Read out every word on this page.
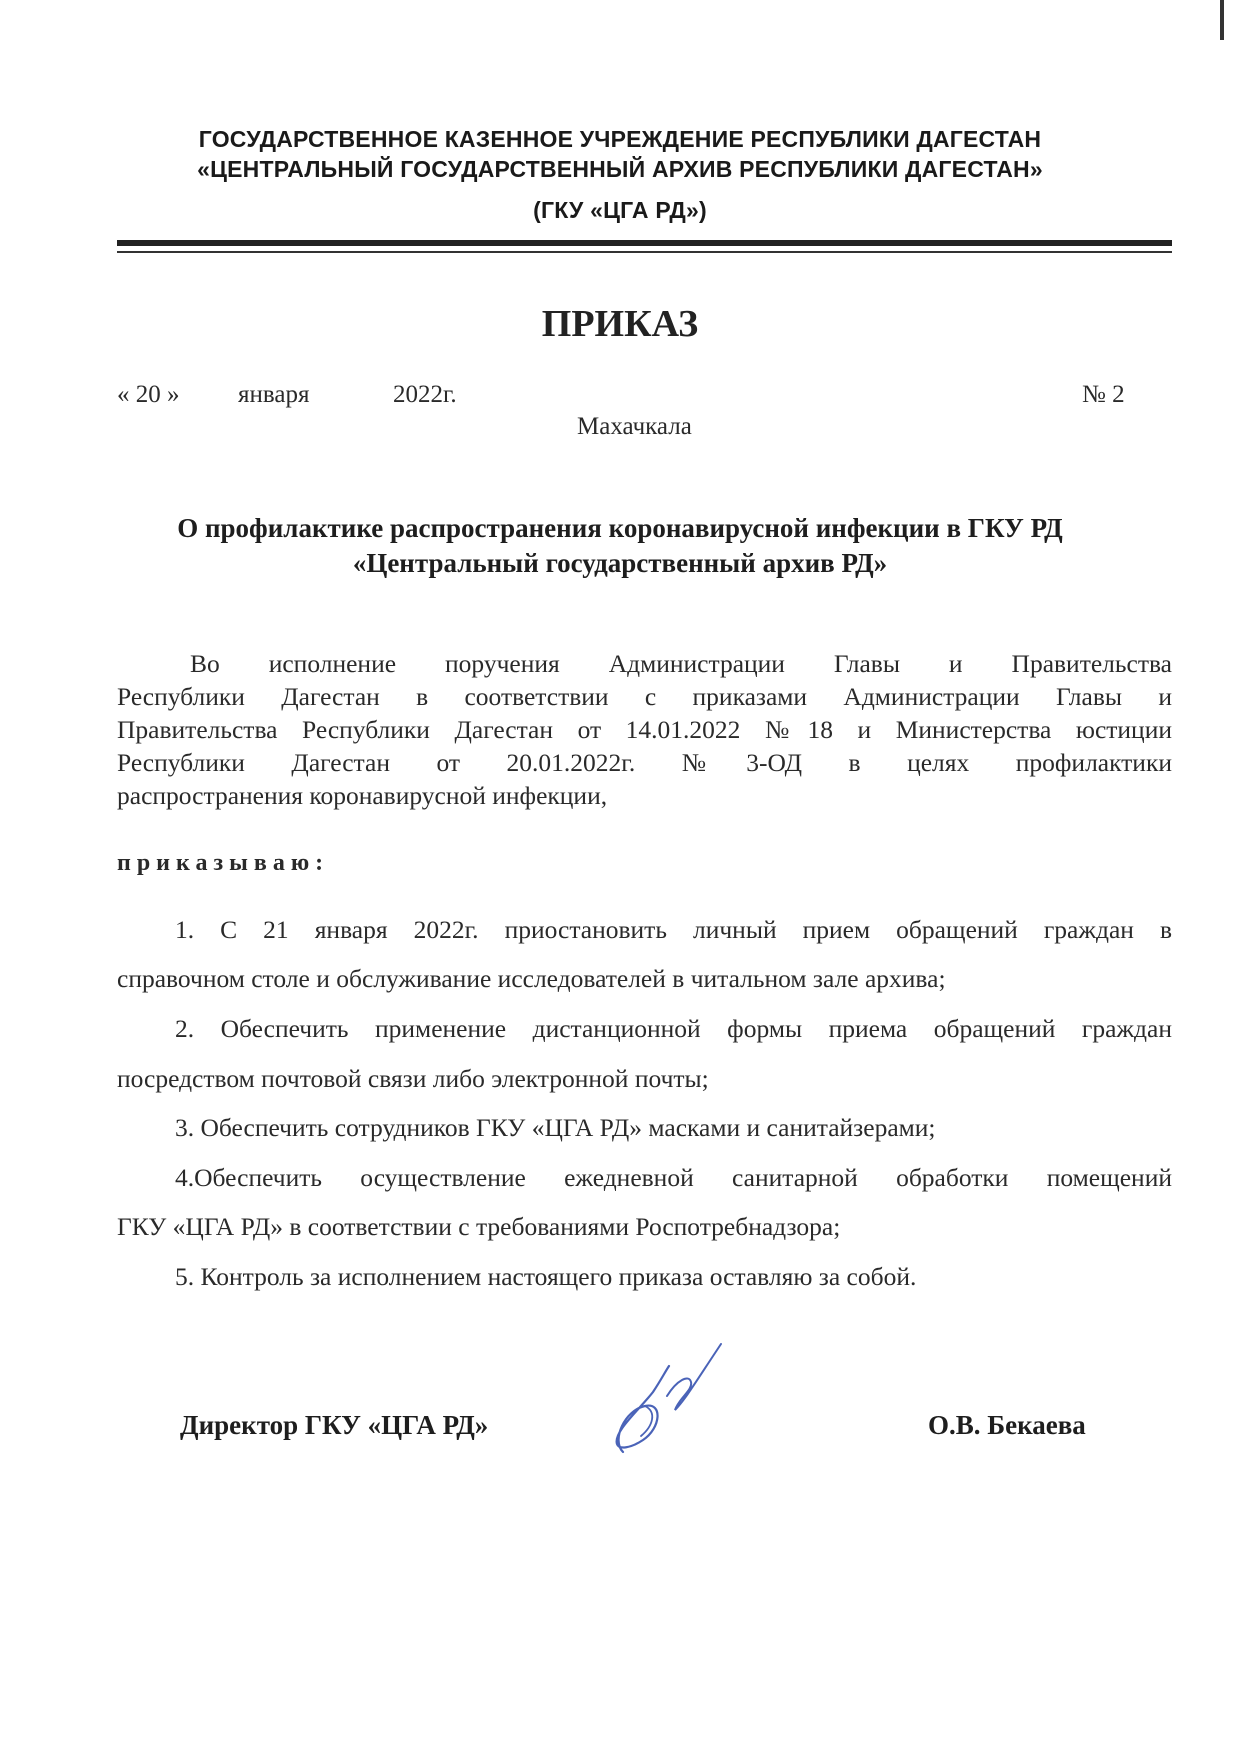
ГОСУДАРСТВЕННОЕ КАЗЕННОЕ УЧРЕЖДЕНИЕ РЕСПУБЛИКИ ДАГЕСТАН
«ЦЕНТРАЛЬНЫЙ ГОСУДАРСТВЕННЫЙ АРХИВ РЕСПУБЛИКИ ДАГЕСТАН»
(ГКУ «ЦГА РД»)
ПРИКАЗ
« 20 » января	2022г.	№ 2
Махачкала
О профилактике распространения коронавирусной инфекции в ГКУ РД
«Центральный государственный архив РД»
Во исполнение поручения Администрации Главы и Правительства
Республики Дагестан в соответствии с приказами Администрации Главы и
Правительства Республики Дагестан от 14.01.2022 №18 и Министерства юстиции
Республики Дагестан от 20.01.2022г. №3-ОД в целях профилактики
распространения коронавирусной инфекции,
приказываю:
1. С 21 января 2022г. приостановить личный прием обращений граждан в
справочном столе и обслуживание исследователей в читальном зале архива;
2. Обеспечить применение дистанционной формы приема обращений граждан
посредством почтовой связи либо электронной почты;
3. Обеспечить сотрудников ГКУ «ЦГА РД» масками и санитайзерами;
4.Обеспечить осуществление ежедневной санитарной обработки помещений
ГКУ «ЦГА РД» в соответствии с требованиями Роспотребнадзора;
5. Контроль за исполнением настоящего приказа оставляю за собой.
Директор ГКУ «ЦГА РД»	О.В. Бекаева
